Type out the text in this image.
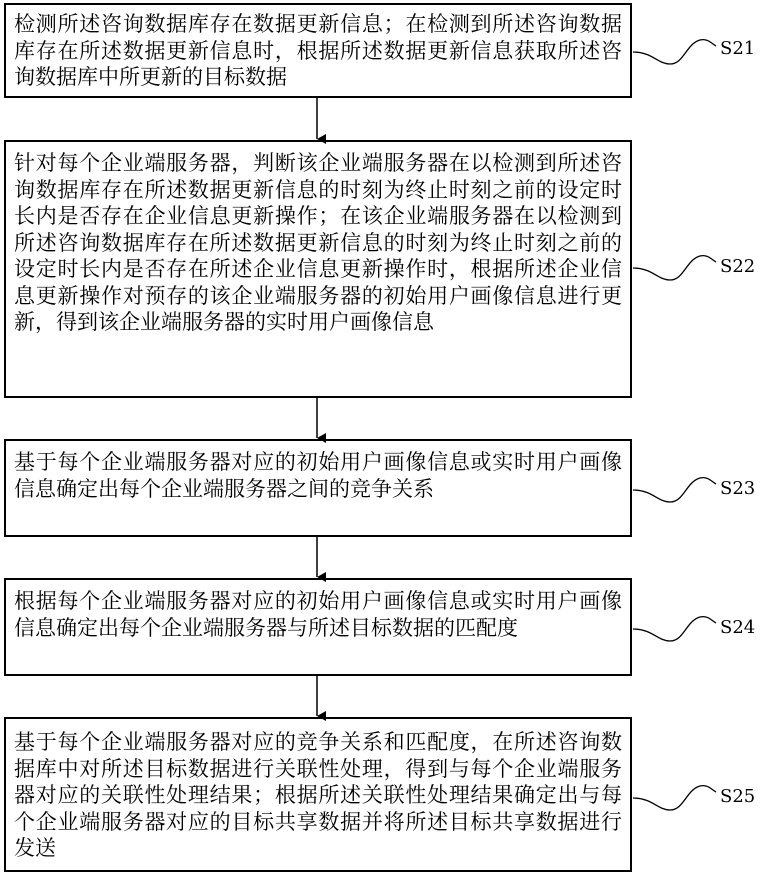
检测所述咨询数据库存在数据更新信息；在检测到所述咨询数据库存在所述数据更新信息时，根据所述数据更新信息获取所述咨询数据库中所更新的目标数据
针对每个企业端服务器，判断该企业端服务器在以检测到所述咨询数据库存在所述数据更新信息的时刻为终止时刻之前的设定时长内是否存在企业信息更新操作；在该企业端服务器在以检测到所述咨询数据库存在所述数据更新信息的时刻为终止时刻之前的设定时长内是否存在所述企业信息更新操作时，根据所述企业信息更新操作对预存的该企业端服务器的初始用户画像信息进行更新，得到该企业端服务器的实时用户画像信息
基于每个企业端服务器对应的初始用户画像信息或实时用户画像信息确定出每个企业端服务器之间的竞争关系
根据每个企业端服务器对应的初始用户画像信息或实时用户画像信息确定出每个企业端服务器与所述目标数据的匹配度
基于每个企业端服务器对应的竞争关系和匹配度，在所述咨询数据库中对所述目标数据进行关联性处理，得到与每个企业端服务器对应的关联性处理结果；根据所述关联性处理结果确定出与每个企业端服务器对应的目标共享数据并将所述目标共享数据进行发送
S21
S22
S23
S24
S25
